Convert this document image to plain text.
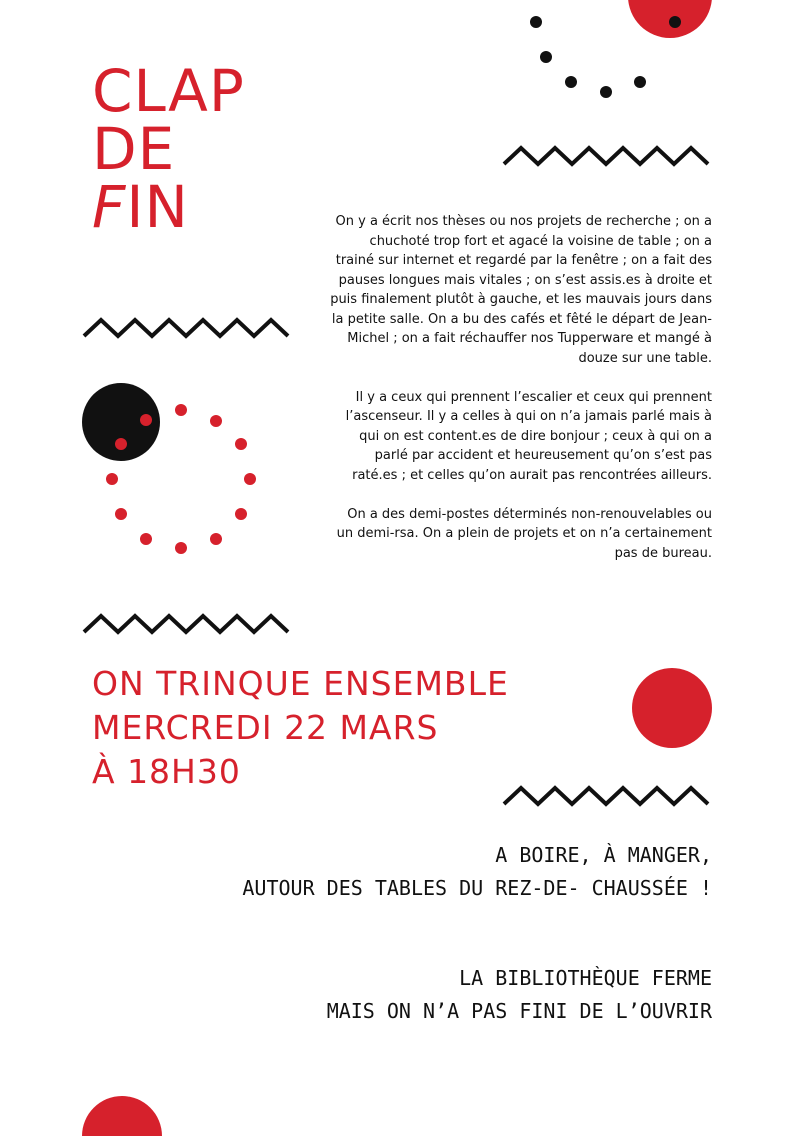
CLAP
DE
FIN	On y a écrit nos thèses ou nos projets de recherche ; on a chuchoté trop fort et agacé la voisine de table ; on a trainé sur internet et regardé par la fenêtre ; on a fait des pauses longues mais vitales ; on s’est assis.es à droite et puis finalement plutôt à gauche, et les mauvais jours dans la petite salle. On a bu des cafés et fêté le départ de Jean-Michel ; on a fait réchauffer nos Tupperware et mangé à douze sur une table.

Il y a ceux qui prennent l’escalier et ceux qui prennent l’ascenseur. Il y a celles à qui on n’a jamais parlé mais à qui on est content.es de dire bonjour ; ceux à qui on a parlé par accident et heureusement qu’on s’est pas raté.es ; et celles qu’on aurait pas rencontrées ailleurs.

On a des demi-postes déterminés non-renouvelables ou un demi-rsa. On a plein de projets et on n’a certainement pas de bureau.

ON TRINQUE ENSEMBLE
MERCREDI 22 MARS
À 18H30
A BOIRE, À MANGER,
AUTOUR DES TABLES DU REZ-DE- CHAUSSÉE !
LA BIBLIOTHÈQUE FERME
MAIS ON N’A PAS FINI DE L’OUVRIR
